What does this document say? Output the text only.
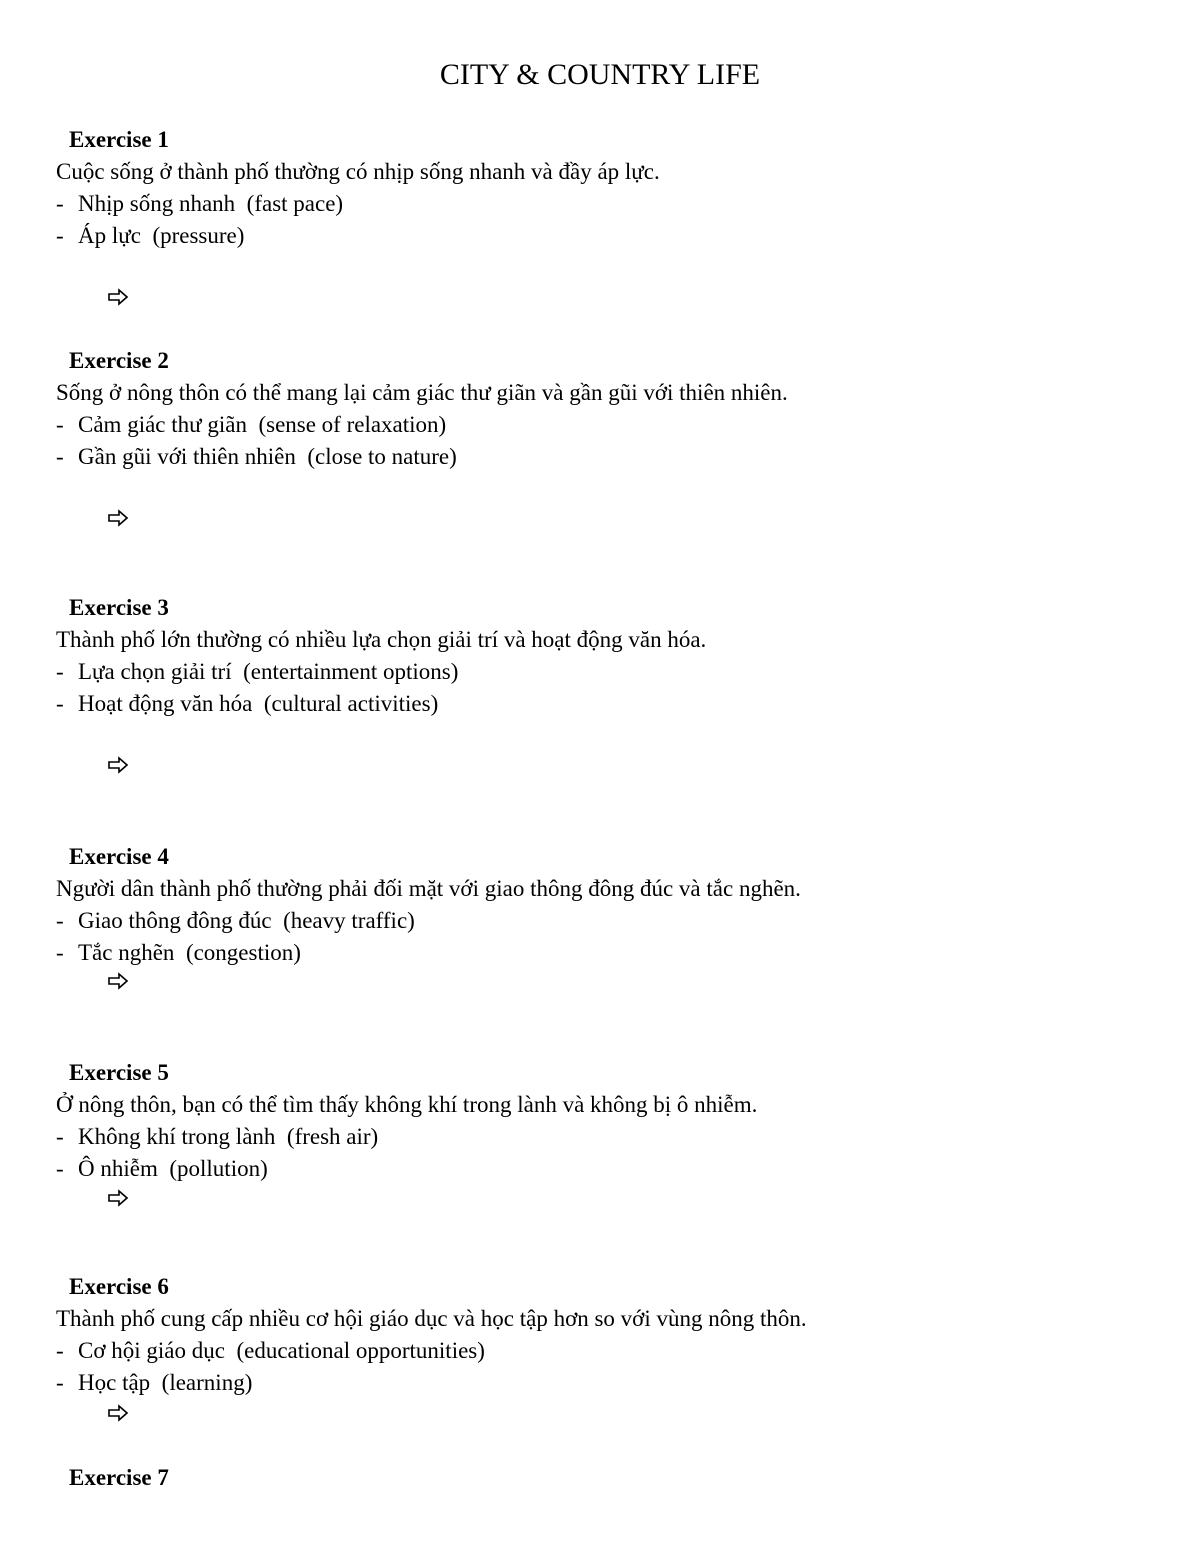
CITY & COUNTRY LIFE
Exercise 1
Cuộc sống ở thành phố thường có nhịp sống nhanh và đầy áp lực.
- Nhịp sống nhanh (fast pace)
- Áp lực (pressure)
Exercise 2
Sống ở nông thôn có thể mang lại cảm giác thư giãn và gần gũi với thiên nhiên.
- Cảm giác thư giãn (sense of relaxation)
- Gần gũi với thiên nhiên (close to nature)
Exercise 3
Thành phố lớn thường có nhiều lựa chọn giải trí và hoạt động văn hóa.
- Lựa chọn giải trí (entertainment options)
- Hoạt động văn hóa (cultural activities)
Exercise 4
Người dân thành phố thường phải đối mặt với giao thông đông đúc và tắc nghẽn.
- Giao thông đông đúc (heavy traffic)
- Tắc nghẽn (congestion)
Exercise 5
Ở nông thôn, bạn có thể tìm thấy không khí trong lành và không bị ô nhiễm.
- Không khí trong lành (fresh air)
- Ô nhiễm (pollution)
Exercise 6
Thành phố cung cấp nhiều cơ hội giáo dục và học tập hơn so với vùng nông thôn.
- Cơ hội giáo dục (educational opportunities)
- Học tập (learning)
Exercise 7
